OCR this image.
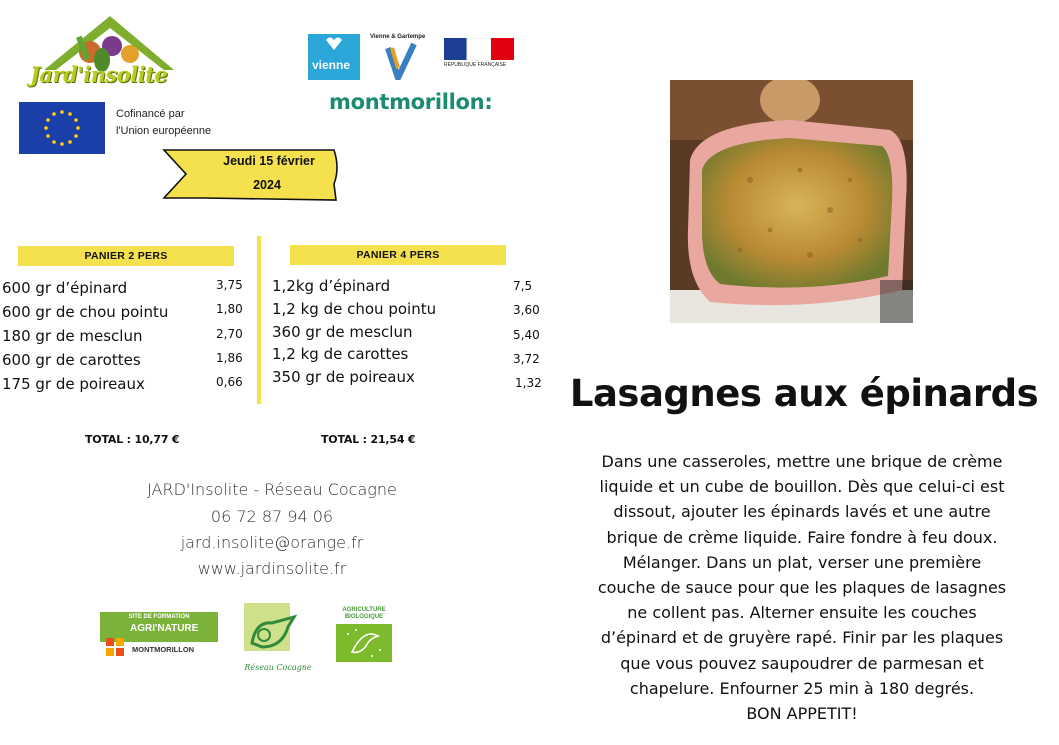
Jard'insolite
Cofinancé par
l'Union européenne
vienne
Vienne & Gartempe
RÉPUBLIQUE FRANÇAISE
montmorillon:
Jeudi 15 février
2024
PANIER 2 PERS	PANIER 4 PERS
600 gr d’épinard
600 gr de chou pointu
180 gr de mesclun
600 gr de carottes
175 gr de poireaux
3,75
1,80
2,70
1,86
0,66
1,2kg d’épinard
1,2 kg de chou pointu
360 gr de mesclun
1,2 kg de carottes
350 gr de poireaux
7,5
3,60
5,40
3,72
1,32
TOTAL : 10,77 €	TOTAL : 21,54 €
JARD'Insolite - Réseau Cocagne
06 72 87 94 06
jard.insolite@orange.fr
www.jardinsolite.fr
SITE DE FORMATION
AGRI'NATURE
MONTMORILLON
Réseau Cocagne
AGRICULTURE
BIOLOGIQUE
Lasagnes aux épinards
Dans une casseroles, mettre une brique de crème
liquide et un cube de bouillon. Dès que celui-ci est
dissout, ajouter les épinards lavés et une autre
brique de crème liquide. Faire fondre à feu doux.
Mélanger. Dans un plat, verser une première
couche de sauce pour que les plaques de lasagnes
ne collent pas. Alterner ensuite les couches
d’épinard et de gruyère rapé. Finir par les plaques
que vous pouvez saupoudrer de parmesan et
chapelure. Enfourner 25 min à 180 degrés.
BON APPETIT!
